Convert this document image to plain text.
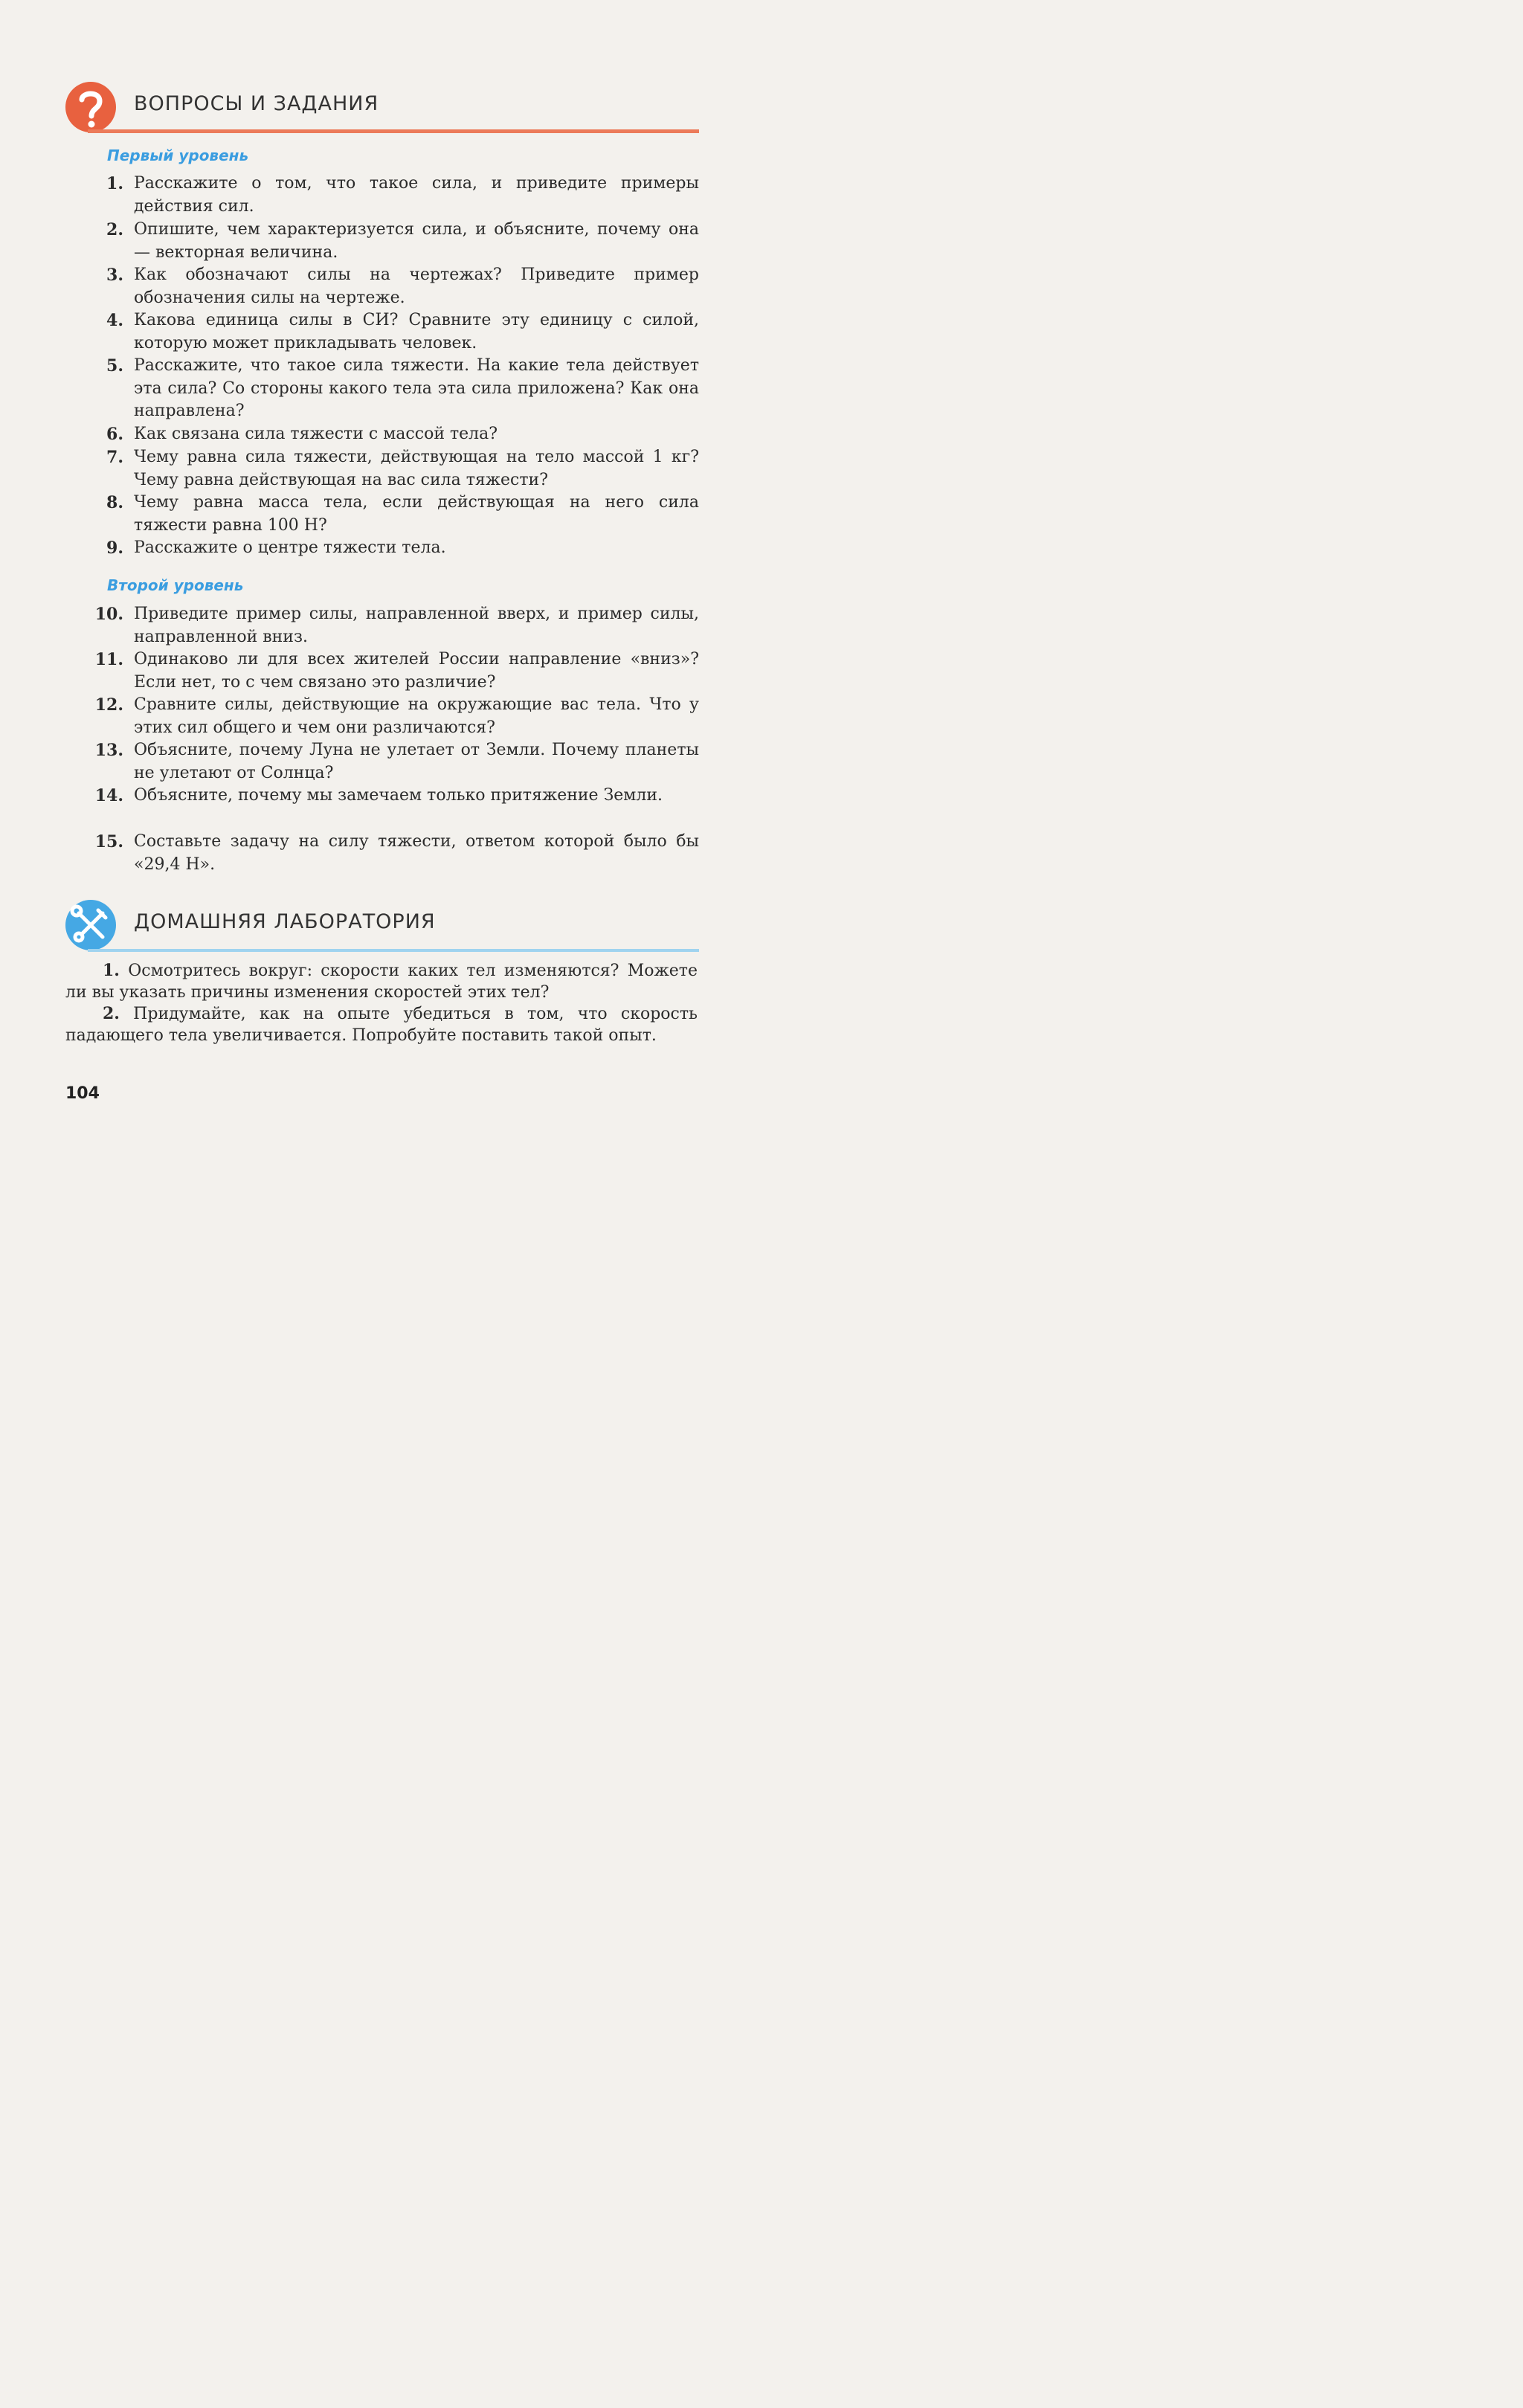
ВОПРОСЫ И ЗАДАНИЯ
Первый уровень
1. Расскажите о том, что такое сила, и приведите примеры действия сил.
2. Опишите, чем характеризуется сила, и объясните, почему она — векторная величина.
3. Как обозначают силы на чертежах? Приведите пример обозначения силы на чертеже.
4. Какова единица силы в СИ? Сравните эту единицу с силой, которую может прикладывать человек.
5. Расскажите, что такое сила тяжести. На какие тела действует эта сила? Со стороны какого тела эта сила приложена? Как она направлена?
6. Как связана сила тяжести с массой тела?
7. Чему равна сила тяжести, действующая на тело массой 1 кг? Чему равна действующая на вас сила тяжести?
8. Чему равна масса тела, если действующая на него сила тяжести равна 100 Н?
9. Расскажите о центре тяжести тела.
Второй уровень
10. Приведите пример силы, направленной вверх, и пример силы, направленной вниз.
11. Одинаково ли для всех жителей России направление «вниз»? Если нет, то с чем связано это различие?
12. Сравните силы, действующие на окружающие вас тела. Что у этих сил общего и чем они различаются?
13. Объясните, почему Луна не улетает от Земли. Почему планеты не улетают от Солнца?
14. Объясните, почему мы замечаем только притяжение Земли.
15. Составьте задачу на силу тяжести, ответом которой было бы «29,4 Н».
ДОМАШНЯЯ ЛАБОРАТОРИЯ
1. Осмотритесь вокруг: скорости каких тел изменяются? Можете ли вы указать причины изменения скоростей этих тел?
2. Придумайте, как на опыте убедиться в том, что скорость падающего тела увеличивается. Попробуйте поставить такой опыт.
104
